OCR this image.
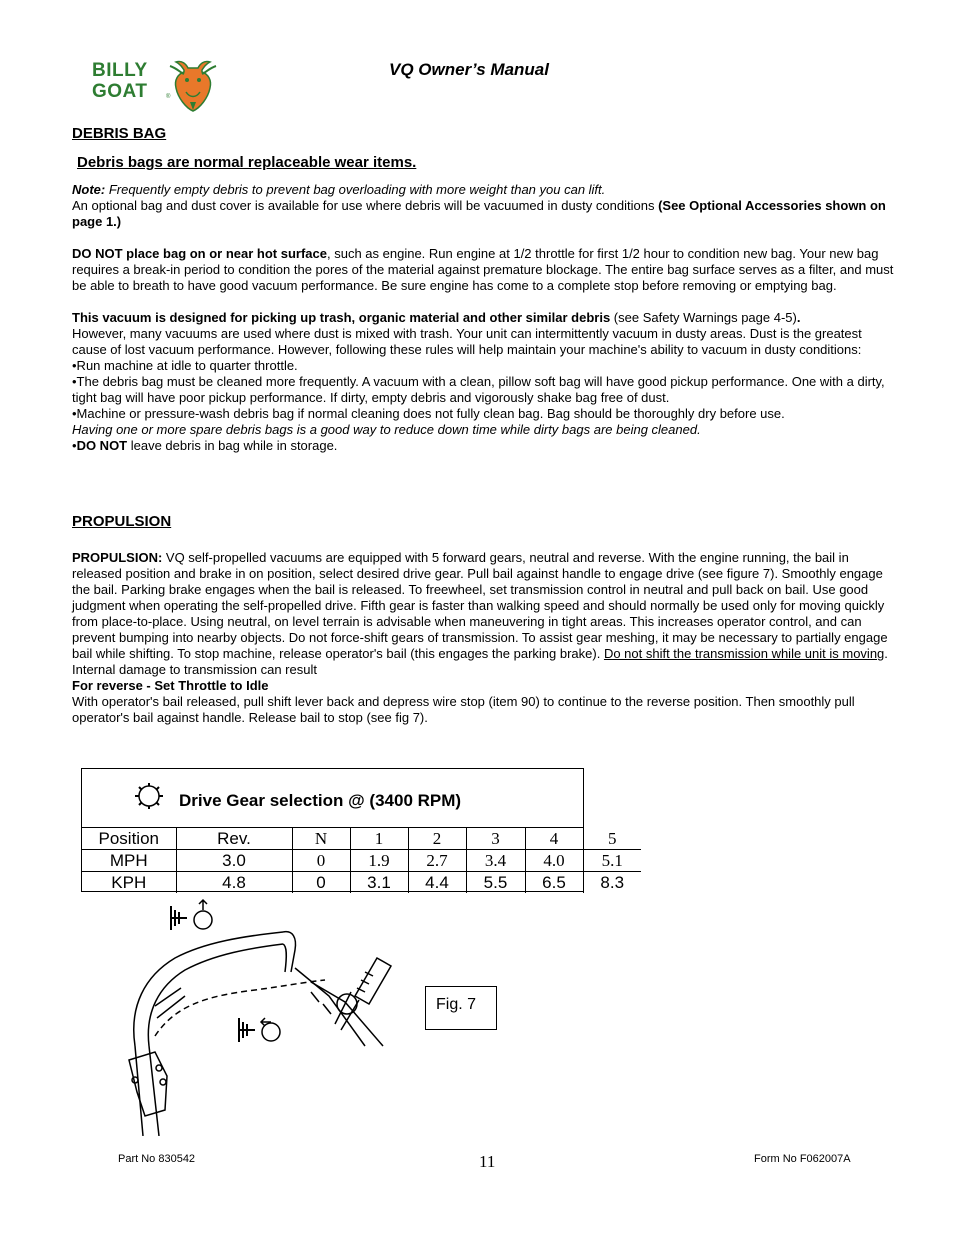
BILLY
GOAT	®
VQ Owner’s Manual
DEBRIS BAG
Debris bags are normal replaceable wear items.

Note: Frequently empty debris to prevent bag overloading with more weight than you can lift.

An optional bag and dust cover is available for use where debris will be vacuumed in dusty conditions (See Optional Accessories shown on page 1.)

DO NOT place bag on or near hot surface, such as engine. Run engine at 1/2 throttle for first 1/2 hour to condition new bag. Your new bag requires a break-in period to condition the pores of the material against premature blockage. The entire bag surface serves as a filter, and must be able to breath to have good vacuum performance. Be sure engine has come to a complete stop before removing or emptying bag.

This vacuum is designed for picking up trash, organic material and other similar debris (see Safety Warnings page 4-5).

However, many vacuums are used where dust is mixed with trash. Your unit can intermittently vacuum in dusty areas. Dust is the greatest cause of lost vacuum performance. However, following these rules will help maintain your machine's ability to vacuum in dusty conditions:

•Run machine at idle to quarter throttle.

•The debris bag must be cleaned more frequently. A vacuum with a clean, pillow soft bag will have good pickup performance. One with a dirty, tight bag will have poor pickup performance. If dirty, empty debris and vigorously shake bag free of dust.

•Machine or pressure-wash debris bag if normal cleaning does not fully clean bag. Bag should be thoroughly dry before use.

Having one or more spare debris bags is a good way to reduce down time while dirty bags are being cleaned.

•DO NOT leave debris in bag while in storage.

PROPULSION

PROPULSION: VQ self-propelled vacuums are equipped with 5 forward gears, neutral and reverse. With the engine running, the bail in released position and brake in on position, select desired drive gear. Pull bail against handle to engage drive (see figure 7). Smoothly engage the bail. Parking brake engages when the bail is released. To freewheel, set transmission control in neutral and pull back on bail. Use good judgment when operating the self-propelled drive. Fifth gear is faster than walking speed and should normally be used only for moving quickly from place-to-place. Using neutral, on level terrain is advisable when maneuvering in tight areas. This increases operator control, and can prevent bumping into nearby objects. Do not force-shift gears of transmission. To assist gear meshing, it may be necessary to partially engage bail while shifting. To stop machine, release operator's bail (this engages the parking brake). Do not shift the transmission while unit is moving. Internal damage to transmission can result

For reverse - Set Throttle to Idle

With operator's bail released, pull shift lever back and depress wire stop (item 90) to continue to the reverse position. Then smoothly pull operator's bail against handle. Release bail to stop (see fig 7).

Drive Gear selection @ (3400 RPM)
Position	Rev.	N	1	2	3	4	5
MPH	3.0	0	1.9	2.7	3.4	4.0	5.1
KPH	4.8	0	3.1	4.4	5.5	6.5	8.3
Fig. 7
Part No 830542	11	Form No F062007A
